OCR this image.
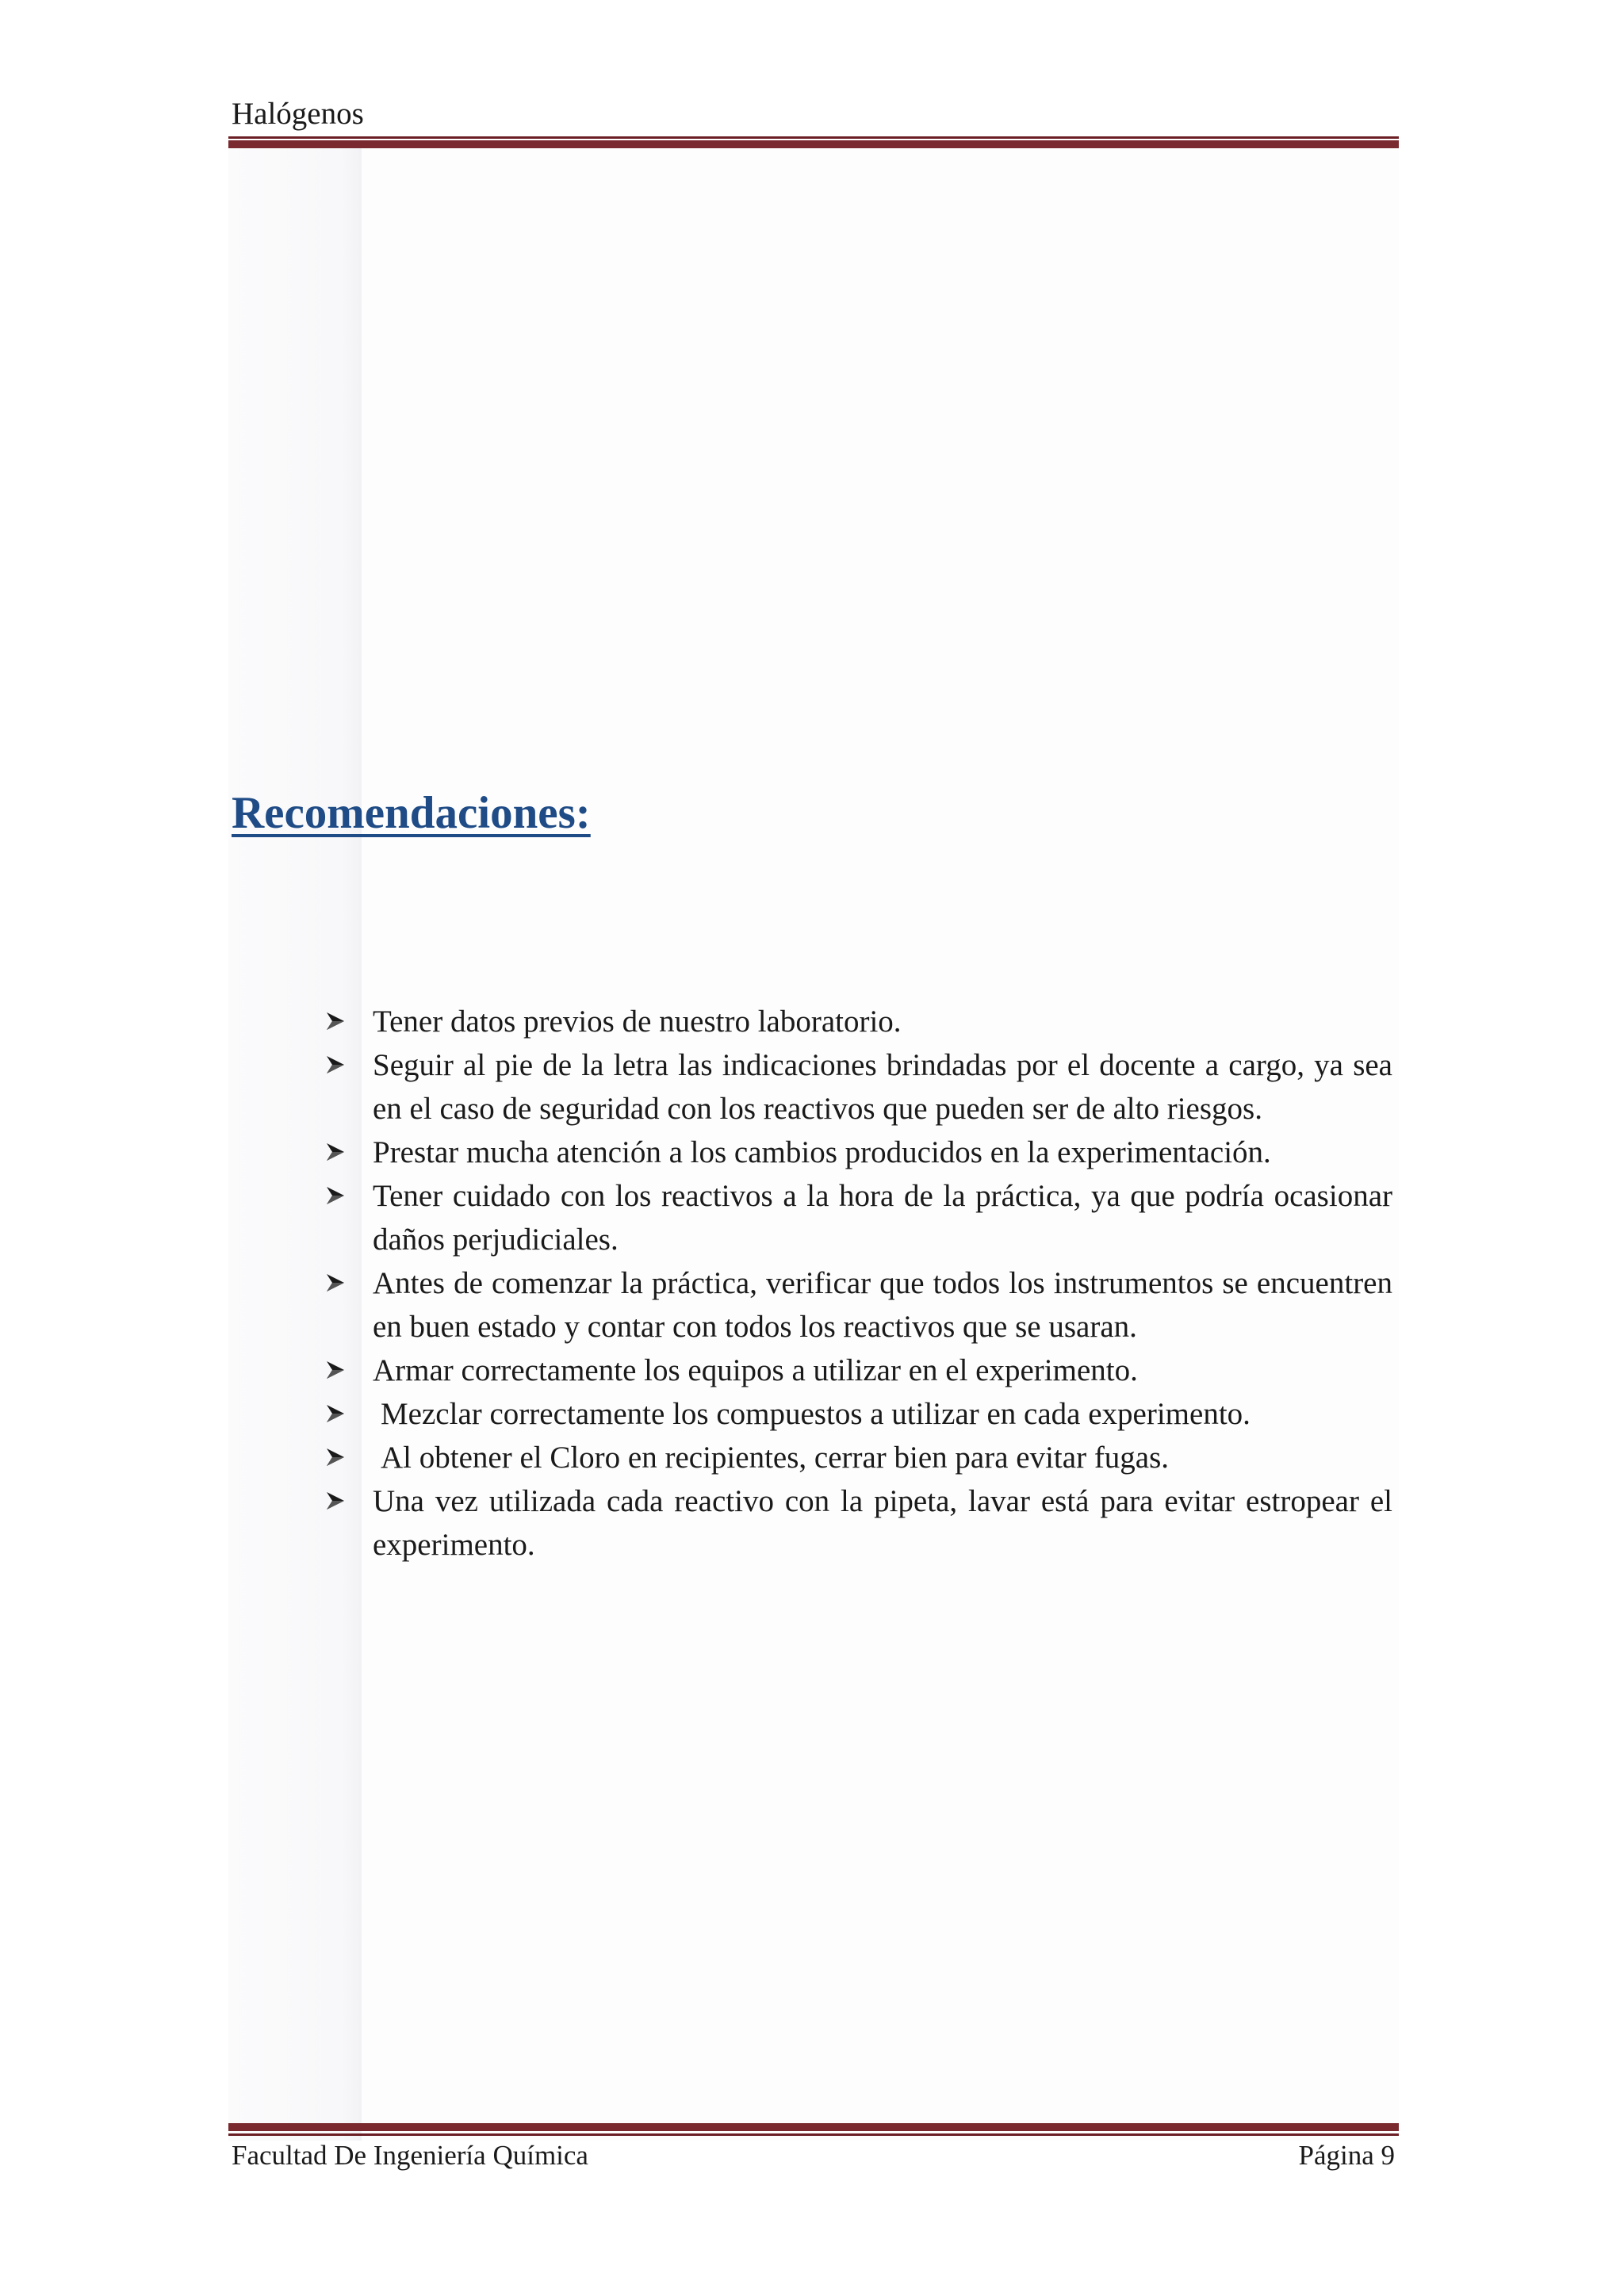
Halógenos
Recomendaciones:
Tener datos previos de nuestro laboratorio.
Seguir al pie de la letra las indicaciones brindadas por el docente a cargo, ya sea en el caso de seguridad con los reactivos que pueden ser de alto riesgos.
Prestar mucha atención a los cambios producidos en la experimentación.
Tener cuidado con los reactivos a la hora de la práctica, ya que podría ocasionar daños perjudiciales.
Antes de comenzar la práctica, verificar que todos los instrumentos se encuentren en buen estado y contar con todos los reactivos que se usaran.
Armar correctamente los equipos a utilizar en el experimento.
Mezclar correctamente los compuestos a utilizar en cada experimento.
Al obtener el Cloro en recipientes, cerrar bien para evitar fugas.
Una vez utilizada cada reactivo con la pipeta, lavar está para evitar estropear el experimento.
Facultad De Ingeniería Química	Página 9
